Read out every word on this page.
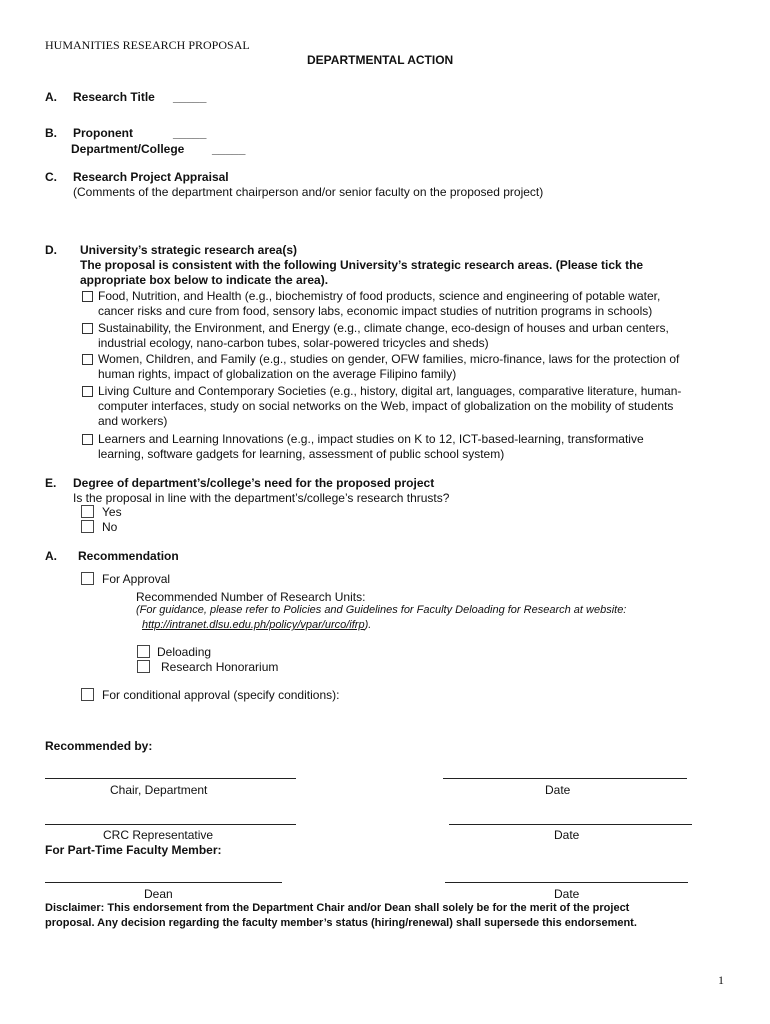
HUMANITIES RESEARCH PROPOSAL
DEPARTMENTAL ACTION
A. Research Title _____
B. Proponent	_____
Department/College _____
C. Research Project Appraisal
(Comments of the department chairperson and/or senior faculty on the proposed project)
D. University’s strategic research area(s)
The proposal is consistent with the following University’s strategic research areas. (Please tick the
appropriate box below to indicate the area).
Food, Nutrition, and Health (e.g., biochemistry of food products, science and engineering of potable water,
cancer risks and cure from food, sensory labs, economic impact studies of nutrition programs in schools)
Sustainability, the Environment, and Energy (e.g., climate change, eco-design of houses and urban centers,
industrial ecology, nano-carbon tubes, solar-powered tricycles and sheds)
Women, Children, and Family (e.g., studies on gender, OFW families, micro-finance, laws for the protection of
human rights, impact of globalization on the average Filipino family)
Living Culture and Contemporary Societies (e.g., history, digital art, languages, comparative literature, human-
computer interfaces, study on social networks on the Web, impact of globalization on the mobility of students
and workers)
Learners and Learning Innovations (e.g., impact studies on K to 12, ICT-based-learning, transformative
learning, software gadgets for learning, assessment of public school system)
E. Degree of department’s/college’s need for the proposed project
Is the proposal in line with the department’s/college’s research thrusts?
Yes
No
A. Recommendation
For Approval
Recommended Number of Research Units:
(For guidance, please refer to Policies and Guidelines for Faculty Deloading for Research at website:
http://intranet.dlsu.edu.ph/policy/vpar/urco/ifrp).
Deloading
Research Honorarium
For conditional approval (specify conditions):
Recommended by:
Chair, Department	Date
CRC Representative	Date
For Part-Time Faculty Member:
Dean	Date
Disclaimer: This endorsement from the Department Chair and/or Dean shall solely be for the merit of the project
proposal. Any decision regarding the faculty member’s status (hiring/renewal) shall supersede this endorsement.
1
